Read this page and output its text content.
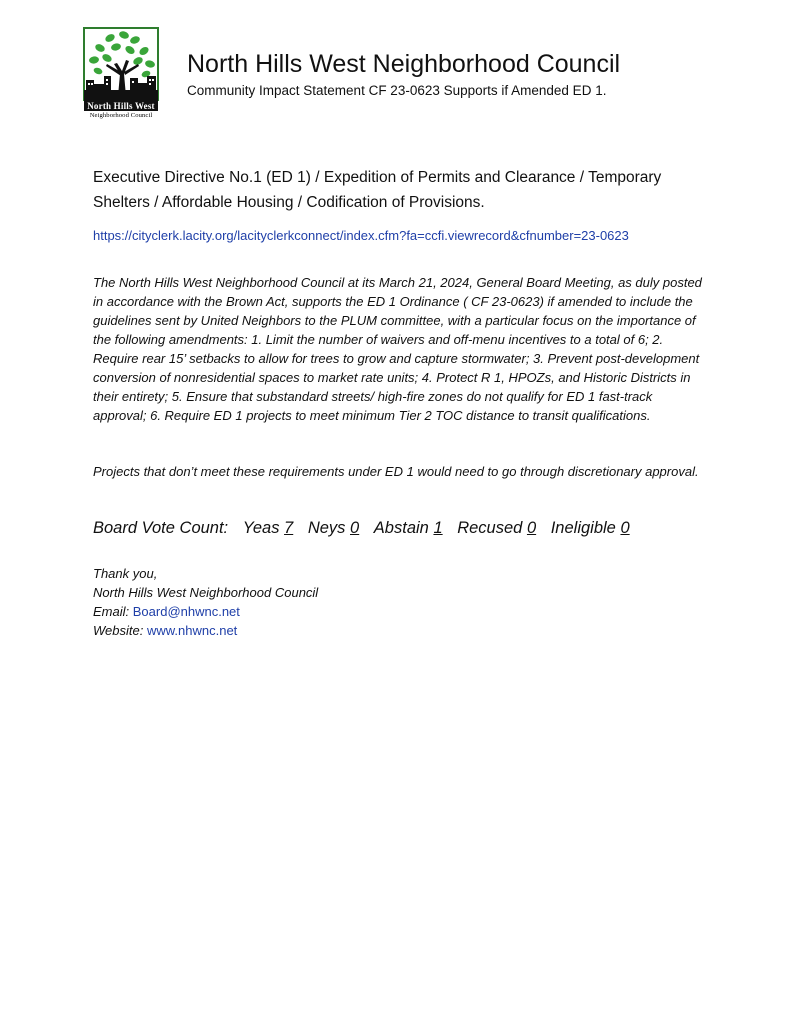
North Hills West
Neighborhood Council
North Hills West Neighborhood Council
Community Impact Statement CF 23-0623 Supports if Amended ED 1.
Executive Directive No.1 (ED 1) / Expedition of Permits and Clearance / Temporary Shelters / Affordable Housing / Codification of Provisions.
https://cityclerk.lacity.org/lacityclerkconnect/index.cfm?fa=ccfi.viewrecord&cfnumber=23-0623

The North Hills West Neighborhood Council at its March 21, 2024, General Board Meeting, as duly posted in accordance with the Brown Act, supports the ED 1 Ordinance ( CF 23-0623) if amended to include the guidelines sent by United Neighbors to the PLUM committee, with a particular focus on the importance of the following amendments: 1. Limit the number of waivers and off-menu incentives to a total of 6; 2. Require rear 15’ setbacks to allow for trees to grow and capture stormwater; 3. Prevent post-development conversion of nonresidential spaces to market rate units; 4. Protect R 1, HPOZs, and Historic Districts in their entirety; 5. Ensure that substandard streets/ high-fire zones do not qualify for ED 1 fast-track approval; 6. Require ED 1 projects to meet minimum Tier 2 TOC distance to transit qualifications.

Projects that don’t meet these requirements under ED 1 would need to go through discretionary approval.

Board Vote Count: Yeas 7 Neys 0 Abstain 1 Recused 0 Ineligible 0
Thank you,
North Hills West Neighborhood Council
Email: Board@nhwnc.net
Website: www.nhwnc.net
